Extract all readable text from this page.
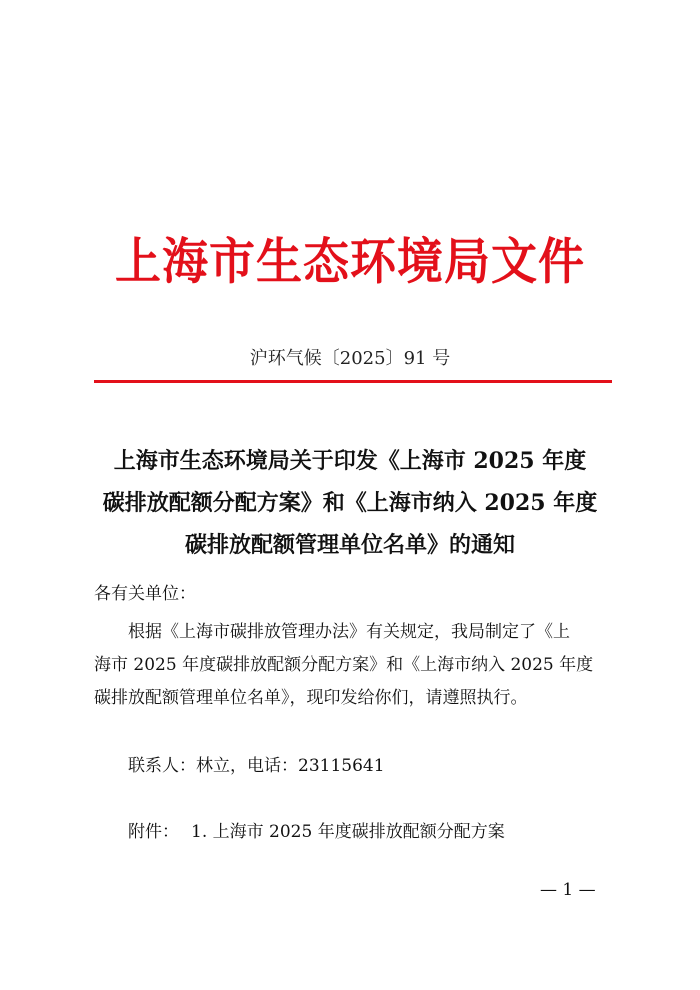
上海市生态环境局文件
沪环气候〔2025〕91 号
上海市生态环境局关于印发《上海市 2025 年度
碳排放配额分配方案》和《上海市纳入 2025 年度
碳排放配额管理单位名单》的通知
各有关单位：
根据《上海市碳排放管理办法》有关规定，我局制定了《上
海市 2025 年度碳排放配额分配方案》和《上海市纳入 2025 年度
碳排放配额管理单位名单》，现印发给你们，请遵照执行。
联系人：林立，电话：23115641
附件： 1. 上海市 2025 年度碳排放配额分配方案
— 1 —
